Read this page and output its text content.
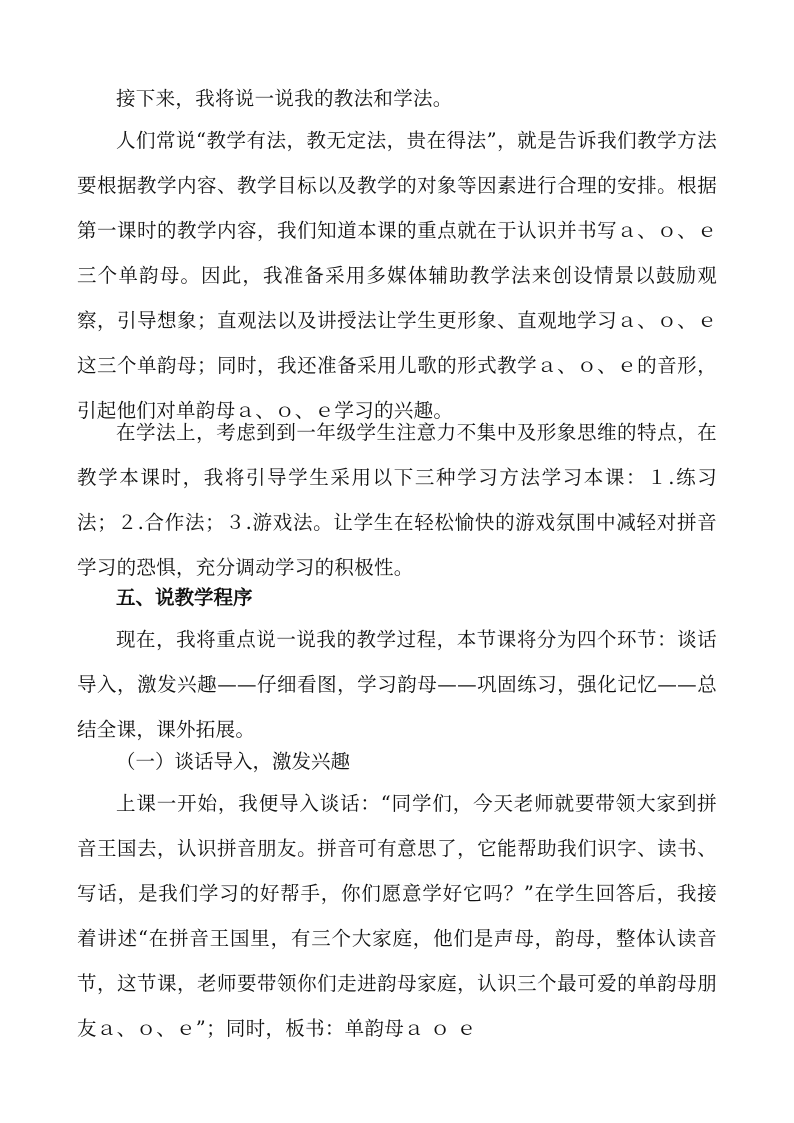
接下来，我将说一说我的教法和学法。

人们常说“教学有法，教无定法，贵在得法”，就是告诉我们教学方法要根据教学内容、教学目标以及教学的对象等因素进行合理的安排。根据第一课时的教学内容，我们知道本课的重点就在于认识并书写ａ、ｏ、ｅ三个单韵母。因此，我准备采用多媒体辅助教学法来创设情景以鼓励观察，引导想象；直观法以及讲授法让学生更形象、直观地学习ａ、ｏ、ｅ这三个单韵母；同时，我还准备采用儿歌的形式教学ａ、ｏ、ｅ的音形，引起他们对单韵母ａ、ｏ、ｅ学习的兴趣。

在学法上，考虑到到一年级学生注意力不集中及形象思维的特点，在教学本课时，我将引导学生采用以下三种学习方法学习本课：１.练习法；２.合作法；３.游戏法。让学生在轻松愉快的游戏氛围中减轻对拼音学习的恐惧，充分调动学习的积极性。

五、说教学程序

现在，我将重点说一说我的教学过程，本节课将分为四个环节：谈话导入，激发兴趣——仔细看图，学习韵母——巩固练习，强化记忆——总结全课，课外拓展。

（一）谈话导入，激发兴趣

上课一开始，我便导入谈话：“同学们，今天老师就要带领大家到拼音王国去，认识拼音朋友。拼音可有意思了，它能帮助我们识字、读书、写话，是我们学习的好帮手，你们愿意学好它吗？”在学生回答后，我接着讲述“在拼音王国里，有三个大家庭，他们是声母，韵母，整体认读音节，这节课，老师要带领你们走进韵母家庭，认识三个最可爱的单韵母朋友ａ、ｏ、ｅ”；同时，板书：单韵母ａ ｏ ｅ
